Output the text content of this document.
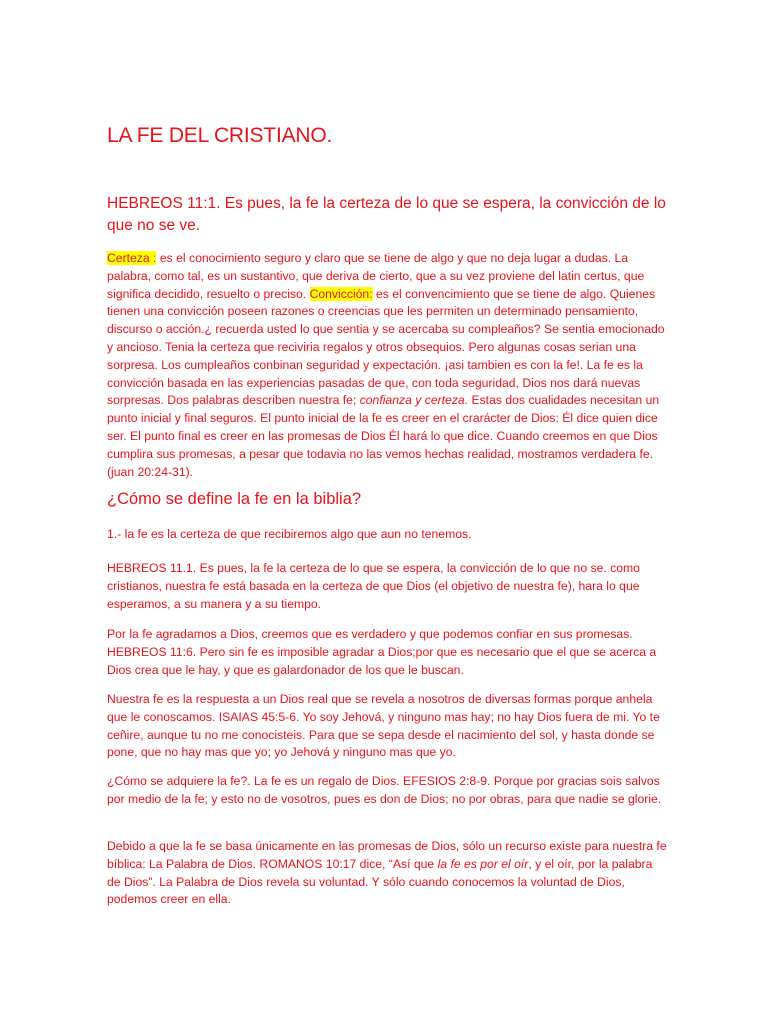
LA FE DEL CRISTIANO.
HEBREOS 11:1. Es pues, la fe la certeza de lo que se espera, la convicción de lo que no se ve.

Certeza : es el conocimiento seguro y claro que se tiene de algo y que no deja lugar a dudas. La palabra, como tal, es un sustantivo, que deriva de cierto, que a su vez proviene del latin certus, que significa decidido, resuelto o preciso. Convicción: es el convencimiento que se tiene de algo. Quienes tienen una convicción poseen razones o creencias que les permiten un determinado pensamiento, discurso o acción.¿ recuerda usted lo que sentia y se acercaba su compleaños? Se sentia emocionado y ancioso. Tenia la certeza que reciviria regalos y otros obsequios. Pero algunas cosas serian una sorpresa. Los cumpleaños conbinan seguridad y expectación. ¡asi tambien es con la fe!. La fe es la convicción basada en las experiencias pasadas de que, con toda seguridad, Dios nos dará nuevas sorpresas. Dos palabras describen nuestra fe; confianza y certeza. Estas dos cualidades necesitan un punto inicial y final seguros. El punto inicial de la fe es creer en el crarácter de Dios: Él dice quien dice ser. El punto final es creer en las promesas de Dios Él hará lo que dice. Cuando creemos en que Dios cumplira sus promesas, a pesar que todavia no las vemos hechas realidad, mostramos verdadera fe. (juan 20:24-31).

¿Cómo se define la fe en la biblia?

1.- la fe es la certeza de que recibiremos algo que aun no tenemos.

HEBREOS 11.1. Es pues, la fe la certeza de lo que se espera, la convicción de lo que no se. como cristianos, nuestra fe está basada en la certeza de que Dios (el objetivo de nuestra fe), hara lo que esperamos, a su manera y a su tiempo.

Por la fe agradamos a Dios, creemos que es verdadero y que podemos confiar en sus promesas. HEBREOS 11:6. Pero sin fe es imposible agradar a Dios;por que es necesario que el que se acerca a Dios crea que le hay, y que es galardonador de los que le buscan.

Nuestra fe es la respuesta a un Dios real que se revela a nosotros de diversas formas porque anhela que le conoscamos. ISAIAS 45:5-6. Yo soy Jehová, y ninguno mas hay; no hay Dios fuera de mi. Yo te ceñire, aunque tu no me conocisteis. Para que se sepa desde el nacimiento del sol, y hasta donde se pone, que no hay mas que yo; yo Jehová y ninguno mas que yo.

¿Cómo se adquiere la fe?. La fe es un regalo de Dios. EFESIOS 2:8-9. Porque por gracias sois salvos por medio de la fe; y esto no de vosotros, pues es don de Dios; no por obras, para que nadie se glorie.

Debido a que la fe se basa únicamente en las promesas de Dios, sólo un recurso existe para nuestra fe bíblica: La Palabra de Dios. ROMANOS 10:17 dice, “Así que la fe es por el oír, y el oír, por la palabra de Dios”. La Palabra de Dios revela su voluntad. Y sólo cuando conocemos la voluntad de Dios, podemos creer en ella.
